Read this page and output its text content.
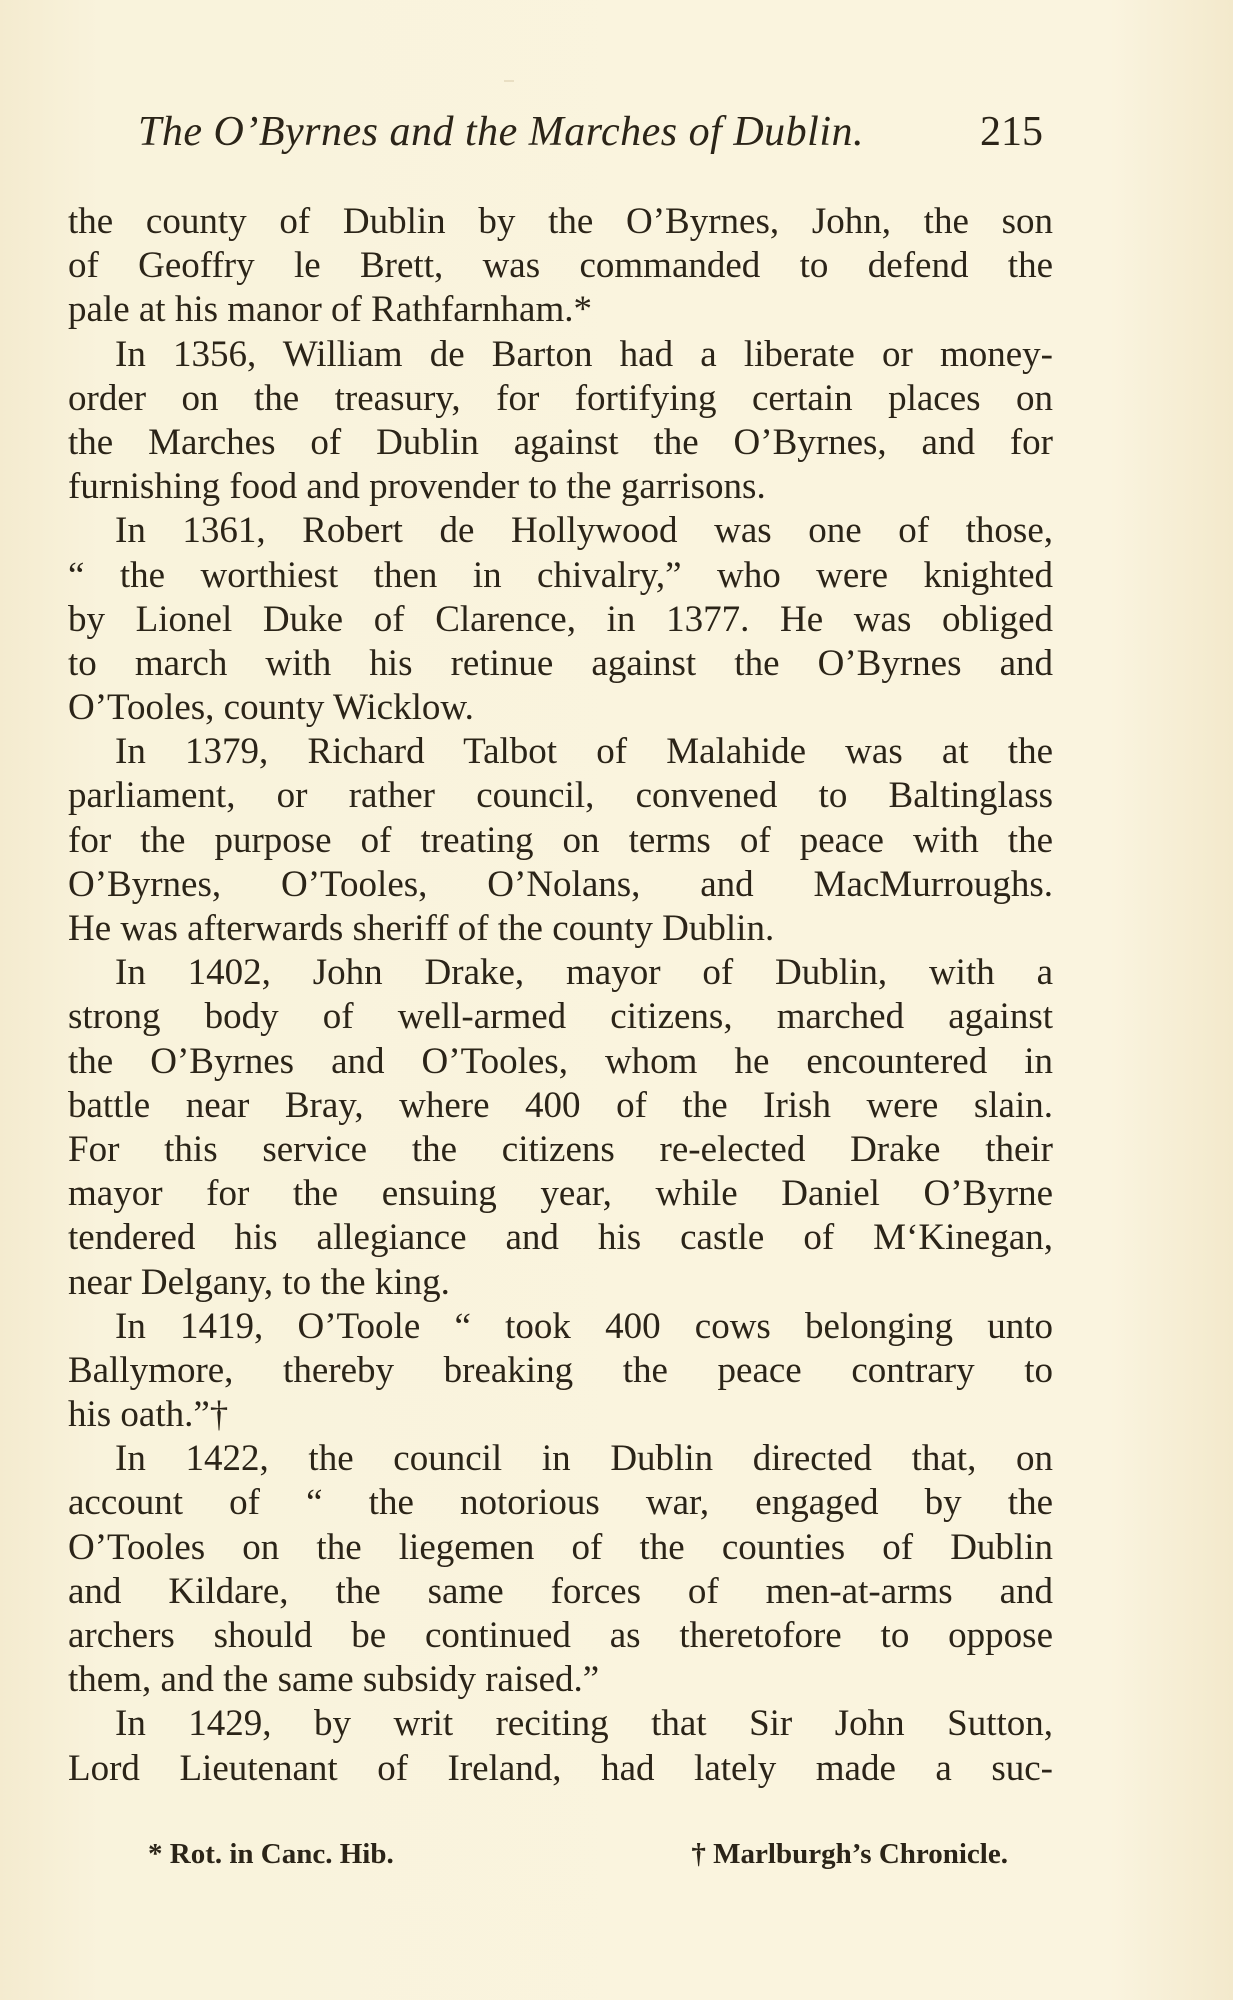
The O’Byrnes and the Marches of Dublin.	215
the county of Dublin by the O’Byrnes, John, the son
of Geoffry le Brett, was commanded to defend the
pale at his manor of Rathfarnham.*
In 1356, William de Barton had a liberate or money-
order on the treasury, for fortifying certain places on
the Marches of Dublin against the O’Byrnes, and for
furnishing food and provender to the garrisons.
In 1361, Robert de Hollywood was one of those,
“ the worthiest then in chivalry,” who were knighted
by Lionel Duke of Clarence, in 1377. He was obliged
to march with his retinue against the O’Byrnes and
O’Tooles, county Wicklow.
In 1379, Richard Talbot of Malahide was at the
parliament, or rather council, convened to Baltinglass
for the purpose of treating on terms of peace with the
O’Byrnes, O’Tooles, O’Nolans, and MacMurroughs.
He was afterwards sheriff of the county Dublin.
In 1402, John Drake, mayor of Dublin, with a
strong body of well-armed citizens, marched against
the O’Byrnes and O’Tooles, whom he encountered in
battle near Bray, where 400 of the Irish were slain.
For this service the citizens re-elected Drake their
mayor for the ensuing year, while Daniel O’Byrne
tendered his allegiance and his castle of M‘Kinegan,
near Delgany, to the king.
In 1419, O’Toole “ took 400 cows belonging unto
Ballymore, thereby breaking the peace contrary to
his oath.”†
In 1422, the council in Dublin directed that, on
account of “ the notorious war, engaged by the
O’Tooles on the liegemen of the counties of Dublin
and Kildare, the same forces of men-at-arms and
archers should be continued as theretofore to oppose
them, and the same subsidy raised.”
In 1429, by writ reciting that Sir John Sutton,
Lord Lieutenant of Ireland, had lately made a suc-
* Rot. in Canc. Hib.	† Marlburgh’s Chronicle.
